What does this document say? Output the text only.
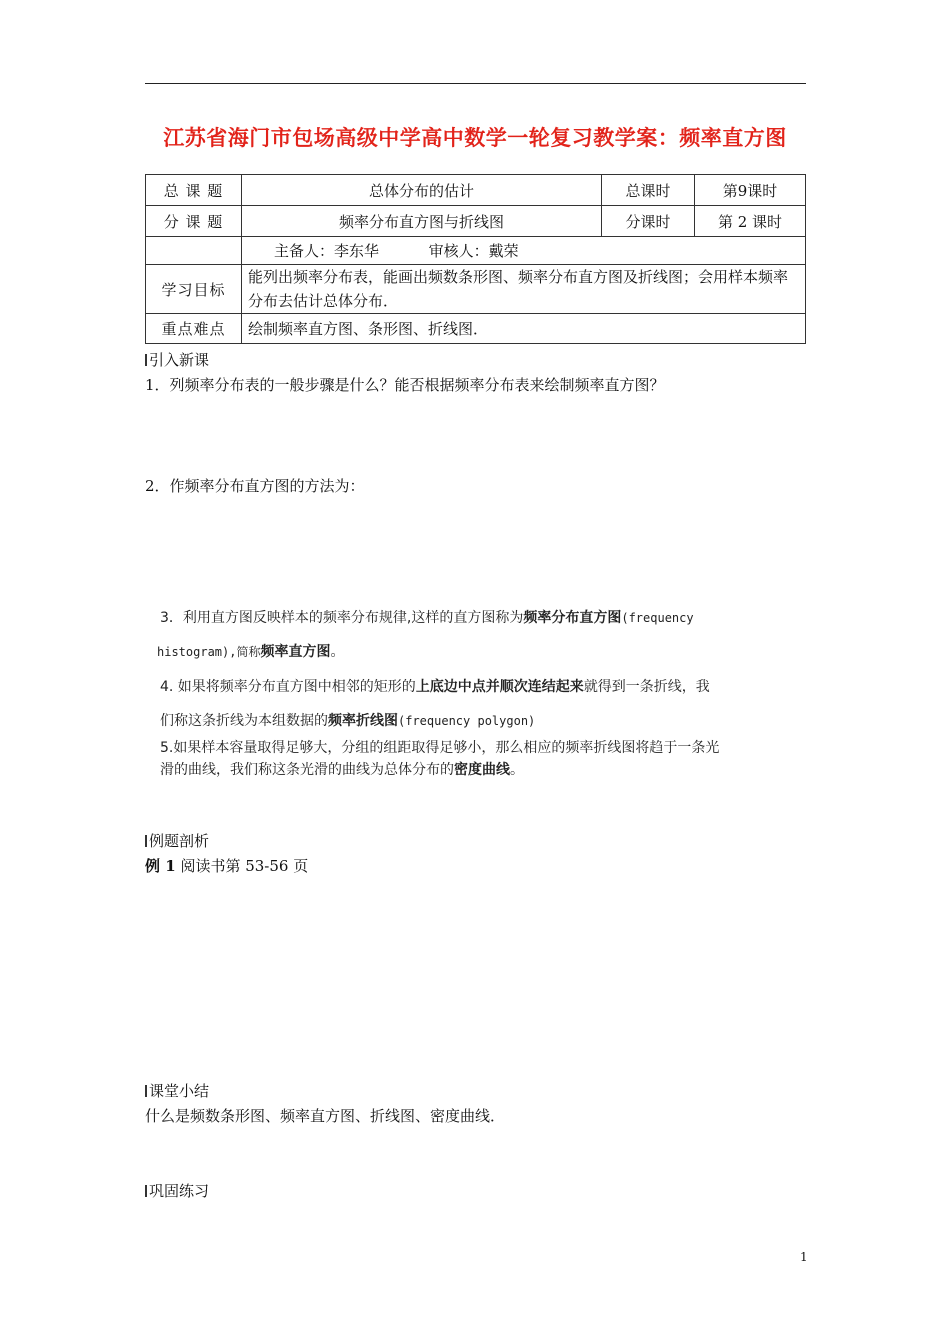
江苏省海门市包场高级中学高中数学一轮复习教学案：频率直方图
总 课 题	总体分布的估计	总课时	第9课时
分 课 题	频率分布直方图与折线图	分课时	第 2 课时
	主备人：李东华 审核人：戴荣		
学习目标	能列出频率分布表，能画出频数条形图、频率分布直方图及折线图；会用样本频率分布去估计总体分布．		
重点难点	绘制频率直方图、条形图、折线图．		
引入新课
1．列频率分布表的一般步骤是什么？能否根据频率分布表来绘制频率直方图？
2．作频率分布直方图的方法为：
3．利用直方图反映样本的频率分布规律,这样的直方图称为频率分布直方图(frequency
histogram),简称频率直方图。
4. 如果将频率分布直方图中相邻的矩形的上底边中点并顺次连结起来就得到一条折线，我
们称这条折线为本组数据的频率折线图(frequency polygon)
5.如果样本容量取得足够大，分组的组距取得足够小，那么相应的频率折线图将趋于一条光
滑的曲线，我们称这条光滑的曲线为总体分布的密度曲线。
例题剖析
例 1 阅读书第 53-56 页
课堂小结
什么是频数条形图、频率直方图、折线图、密度曲线．
巩固练习
1
